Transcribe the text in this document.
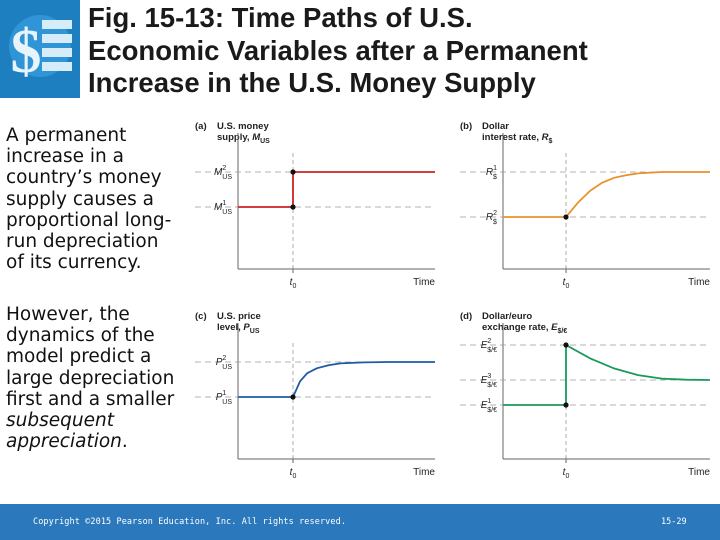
$
Fig. 15-13: Time Paths of U.S.
Economic Variables after a Permanent
Increase in the U.S. Money Supply
A permanent
increase in a
country’s money
supply causes a
proportional long-
run depreciation
of its currency.
However, the
dynamics of the
model predict a
large depreciation
first and a smaller
subsequent
appreciation.
(a) U.S. money
supply, $M_{US}$
$t_0$	Time
$M^2$ US
$M^1$ US
(b) Dollar
interest rate, $R_{\$}$
$t_0$	Time
$R^1$ $
$R^2$ $
(c) U.S. price
level, $P_{US}$
$t_0$	Time
$P^2$ US
$P^1$ US
(d) Dollar/euro
exchange rate, $E_{\$/€}$
$t_0$	Time
$E^2$ $/€
$E^3$ $/€
$E^1$ $/€
Copyright ©2015 Pearson Education, Inc. All rights reserved.	15-29
